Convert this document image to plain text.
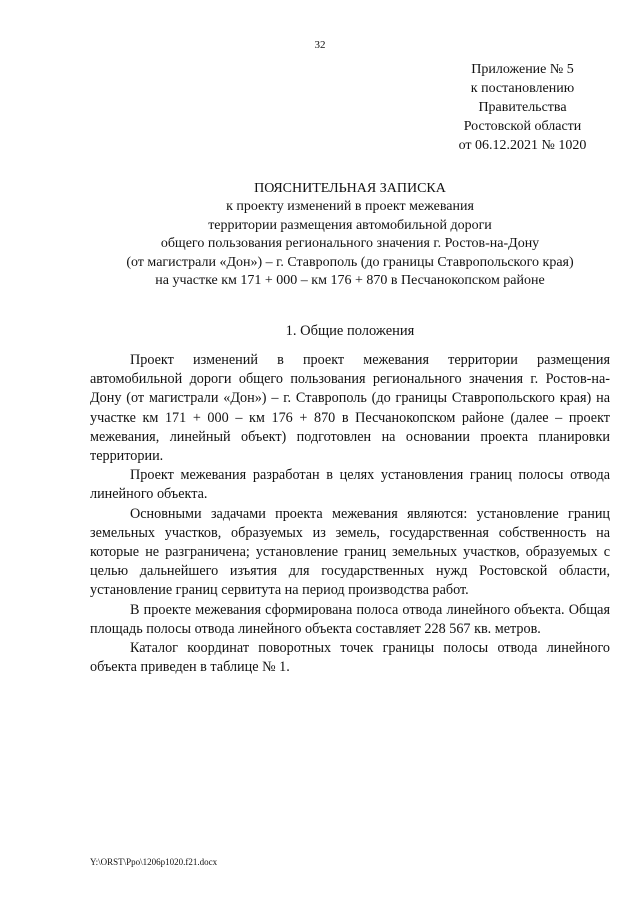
32
Приложение № 5
к постановлению
Правительства
Ростовской области
от 06.12.2021 № 1020
ПОЯСНИТЕЛЬНАЯ ЗАПИСКА
к проекту изменений в проект межевания
территории размещения автомобильной дороги
общего пользования регионального значения г. Ростов-на-Дону
(от магистрали «Дон») – г. Ставрополь (до границы Ставропольского края)
на участке км 171 + 000 – км 176 + 870 в Песчанокопском районе
1. Общие положения

Проект изменений в проект межевания территории размещения автомобильной дороги общего пользования регионального значения г. Ростов-на-Дону (от магистрали «Дон») – г. Ставрополь (до границы Ставропольского края) на участке км 171 + 000 – км 176 + 870 в Песчанокопском районе (далее – проект межевания, линейный объект) подготовлен на основании проекта планировки территории.

Проект межевания разработан в целях установления границ полосы отвода линейного объекта.

Основными задачами проекта межевания являются: установление границ земельных участков, образуемых из земель, государственная собственность на которые не разграничена; установление границ земельных участков, образуемых с целью дальнейшего изъятия для государственных нужд Ростовской области, установление границ сервитута на период производства работ.

В проекте межевания сформирована полоса отвода линейного объекта. Общая площадь полосы отвода линейного объекта составляет 228 567 кв. метров.

Каталог координат поворотных точек границы полосы отвода линейного объекта приведен в таблице № 1.

Y:\ORST\Ppo\1206p1020.f21.docx
